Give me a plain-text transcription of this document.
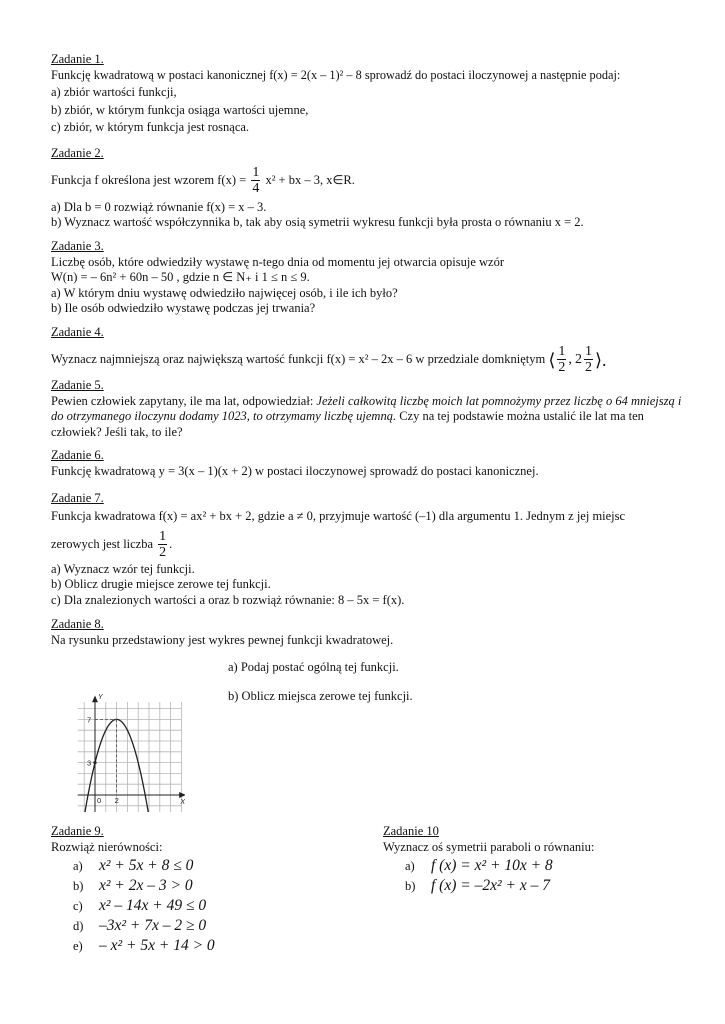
Zadanie 1.
Funkcję kwadratową w postaci kanonicznej f(x) = 2(x – 1)² – 8 sprowadź do postaci iloczynowej a następnie podaj:
a) zbiór wartości funkcji,
b) zbiór, w którym funkcja osiąga wartości ujemne,
c) zbiór, w którym funkcja jest rosnąca.
Zadanie 2.
Funkcja f określona jest wzorem $f(x) = \frac{1}{4} x^2$ + bx – 3, x∈R.
a) Dla b = 0 rozwiąż równanie f(x) = x – 3.
b) Wyznacz wartość współczynnika b, tak aby osią symetrii wykresu funkcji była prosta o równaniu x = 2.
Zadanie 3.
Liczbę osób, które odwiedziły wystawę n-tego dnia od momentu jej otwarcia opisuje wzór
W(n) = – 6n² + 60n – 50 , gdzie n ∈ N₊ i 1 ≤ n ≤ 9.
a) W którym dniu wystawę odwiedziło najwięcej osób, i ile ich było?
b) Ile osób odwiedziło wystawę podczas jej trwania?
Zadanie 4.
Wyznacz najmniejszą oraz największą wartość funkcji f(x) = x² – 2x – 6 w przedziale domkniętym ⟨ $\frac{1}{2}$ , $2 \frac{1}{2}$ ⟩.
Zadanie 5.
Pewien człowiek zapytany, ile ma lat, odpowiedział: Jeżeli całkowitą liczbę moich lat pomnożymy przez liczbę o 64 mniejszą i do otrzymanego iloczynu dodamy 1023, to otrzymamy liczbę ujemną. Czy na tej podstawie można ustalić ile lat ma ten człowiek? Jeśli tak, to ile?
Zadanie 6.
Funkcję kwadratową y = 3(x – 1)(x + 2) w postaci iloczynowej sprowadź do postaci kanonicznej.
Zadanie 7.
Funkcja kwadratowa f(x) = ax² + bx + 2, gdzie a ≠ 0, przyjmuje wartość (–1) dla argumentu 1. Jednym z jej miejsc
zerowych jest liczba $\frac{1}{2}$ .
a) Wyznacz wzór tej funkcji.
b) Oblicz drugie miejsce zerowe tej funkcji.
c) Dla znalezionych wartości a oraz b rozwiąż równanie: 8 – 5x = f(x).
Zadanie 8.
Na rysunku przedstawiony jest wykres pewnej funkcji kwadratowej.
a) Podaj postać ogólną tej funkcji.
b) Oblicz miejsca zerowe tej funkcji.
Y
X
7
3
0 2
Zadanie 9.
Rozwiąż nierówności:
a) x² + 5x + 8 ≤ 0
b) x² + 2x – 3 > 0
c) x² – 14x + 49 ≤ 0
d) –3x² + 7x – 2 ≥ 0
e) – x² + 5x + 14 > 0
Zadanie 10
Wyznacz oś symetrii paraboli o równaniu:
a) f (x) = x² + 10x + 8
b) f (x) = –2x² + x – 7
